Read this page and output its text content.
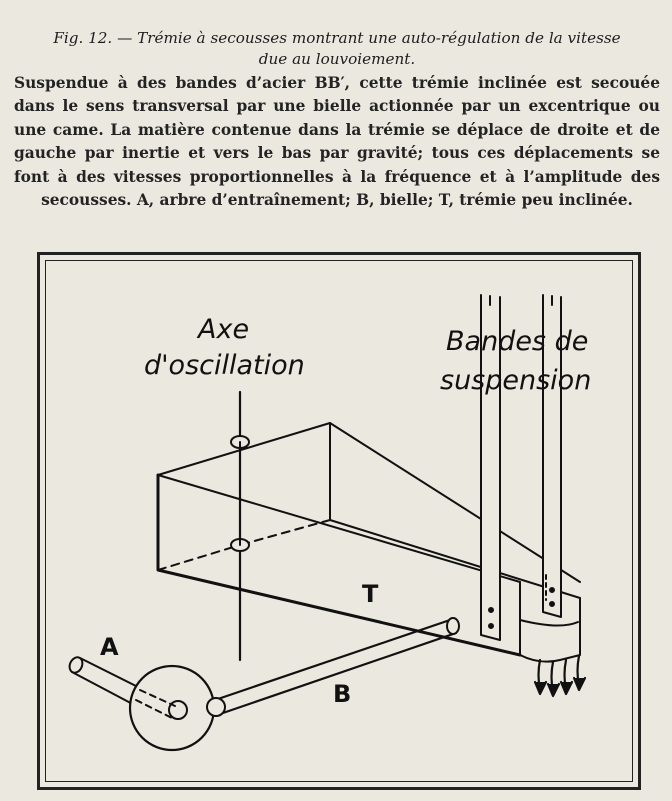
Fig. 12. — Trémie à secousses montrant une auto-régulation de la vitesse
due au louvoiement.
Suspendue à des bandes d’acier BB′, cette trémie inclinée est secouée dans le sens transversal par une bielle actionnée par un excentrique ou une came. La matière contenue dans la trémie se déplace de droite et de gauche par inertie et vers le bas par gravité; tous ces déplacements se font à des vitesses proportionnelles à la fréquence et à l’amplitude des secousses. A, arbre d’entraînement; B, bielle; T, trémie peu inclinée.
Axe
d'oscillation
Bandes de
suspension
A
B
T
